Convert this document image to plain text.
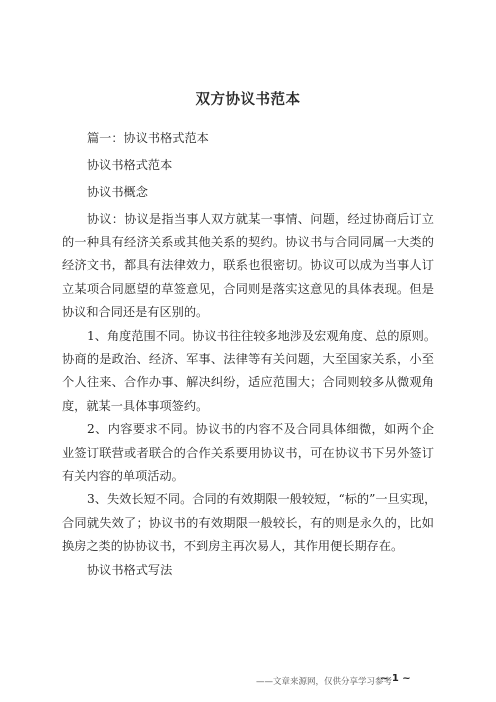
双方协议书范本
篇一：协议书格式范本
协议书格式范本
协议书概念
协议：协议是指当事人双方就某一事情、问题，经过协商后订立
的一种具有经济关系或其他关系的契约。协议书与合同同属一大类的
经济文书，都具有法律效力，联系也很密切。协议可以成为当事人订
立某项合同愿望的草签意见，合同则是落实这意见的具体表现。但是
协议和合同还是有区别的。
1、角度范围不同。协议书往往较多地涉及宏观角度、总的原则。
协商的是政治、经济、军事、法律等有关问题，大至国家关系，小至
个人往来、合作办事、解决纠纷，适应范围大；合同则较多从微观角
度，就某一具体事项签约。
2、内容要求不同。协议书的内容不及合同具体细微，如两个企
业签订联营或者联合的合作关系要用协议书，可在协议书下另外签订
有关内容的单项活动。
3、失效长短不同。合同的有效期限一般较短，“标的”一旦实现，
合同就失效了；协议书的有效期限一般较长，有的则是永久的，比如
换房之类的协协议书，不到房主再次易人，其作用便长期存在。
协议书格式写法
——文章来源网，仅供分享学习参考
~ 1 ~
